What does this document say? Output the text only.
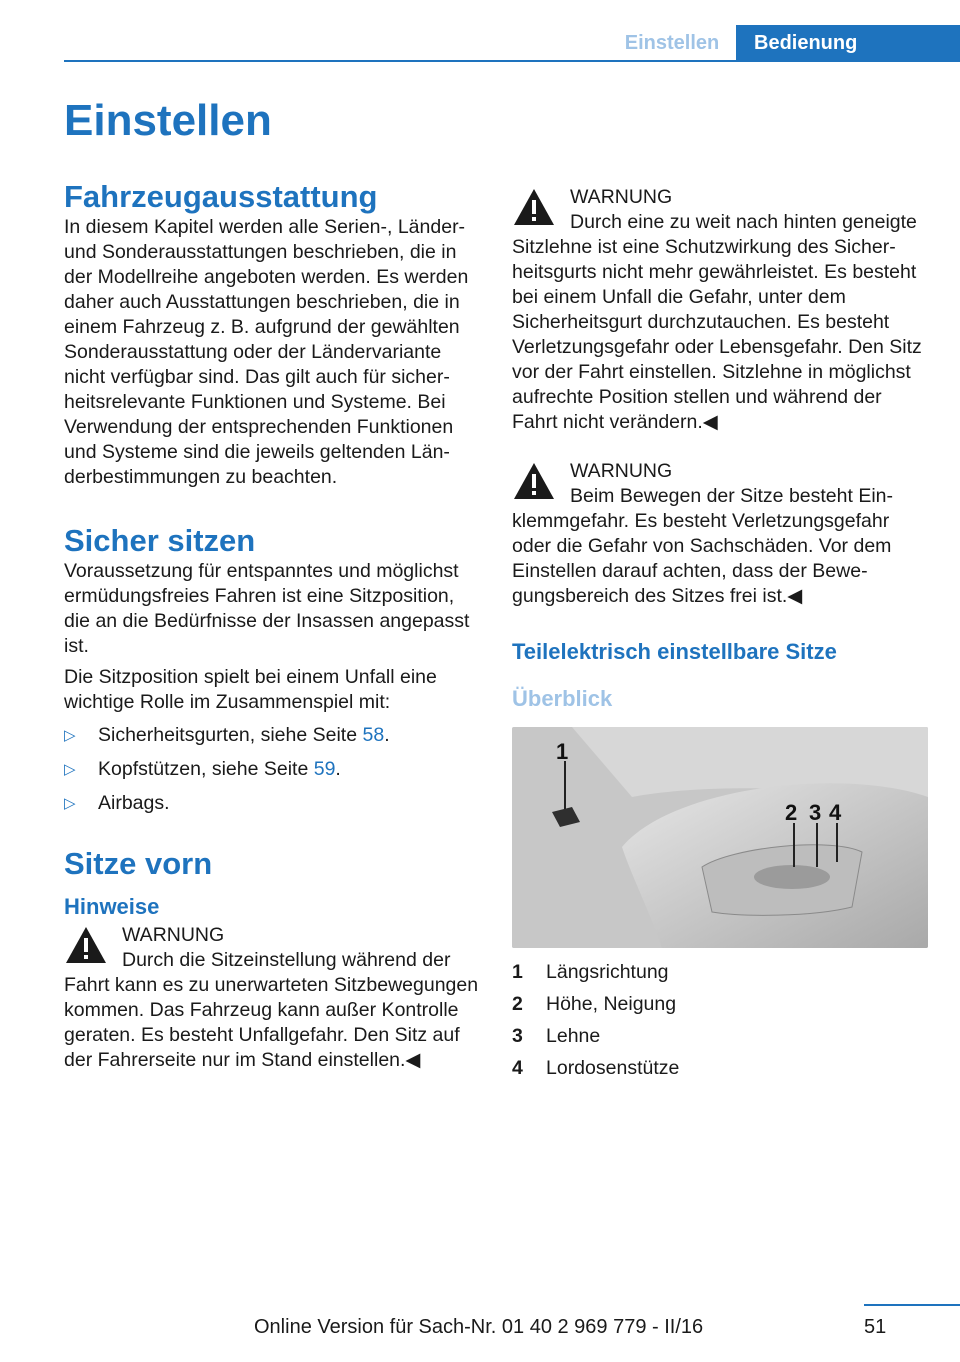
Einstellen	Bedienung
Einstellen
Fahrzeugausstattung

In diesem Kapitel werden alle Serien-, Länder- und Sonderausstattungen beschrieben, die in der Modellreihe angeboten werden. Es werden daher auch Ausstattungen beschrieben, die in einem Fahrzeug z. B. aufgrund der gewählten Sonderausstattung oder der Ländervariante nicht verfügbar sind. Das gilt auch für sicherheitsrelevante Funktionen und Systeme. Bei Verwendung der entsprechenden Funktionen und Systeme sind die jeweils geltenden Länderbestimmungen zu beachten.

Sicher sitzen

Voraussetzung für entspanntes und möglichst ermüdungsfreies Fahren ist eine Sitzposition, die an die Bedürfnisse der Insassen angepasst ist.

Die Sitzposition spielt bei einem Unfall eine wichtige Rolle im Zusammenspiel mit:

▷	Sicherheitsgurten, siehe Seite 58.
▷	Kopfstützen, siehe Seite 59.
▷	Airbags.
Sitze vorn
Hinweise
WARNUNG
Durch die Sitzeinstellung während der Fahrt kann es zu unerwarteten Sitzbewegungen kommen. Das Fahrzeug kann außer Kontrolle geraten. Es besteht Unfallgefahr. Den Sitz auf der Fahrerseite nur im Stand einstellen.◀
WARNUNG
Durch eine zu weit nach hinten geneigte Sitzlehne ist eine Schutzwirkung des Sicherheitsgurts nicht mehr gewährleistet. Es besteht bei einem Unfall die Gefahr, unter dem Sicherheitsgurt durchzutauchen. Es besteht Verletzungsgefahr oder Lebensgefahr. Den Sitz vor der Fahrt einstellen. Sitzlehne in möglichst aufrechte Position stellen und während der Fahrt nicht verändern.◀
WARNUNG
Beim Bewegen der Sitze besteht Einklemmgefahr. Es besteht Verletzungsgefahr oder die Gefahr von Sachschäden. Vor dem Einstellen darauf achten, dass der Bewegungsbereich des Sitzes frei ist.◀
Teilelektrisch einstellbare Sitze
Überblick
1
2 3 4
1	Längsrichtung
2	Höhe, Neigung
3	Lehne
4	Lordosenstütze
51
Online Version für Sach-Nr. 01 40 2 969 779 - II/16
